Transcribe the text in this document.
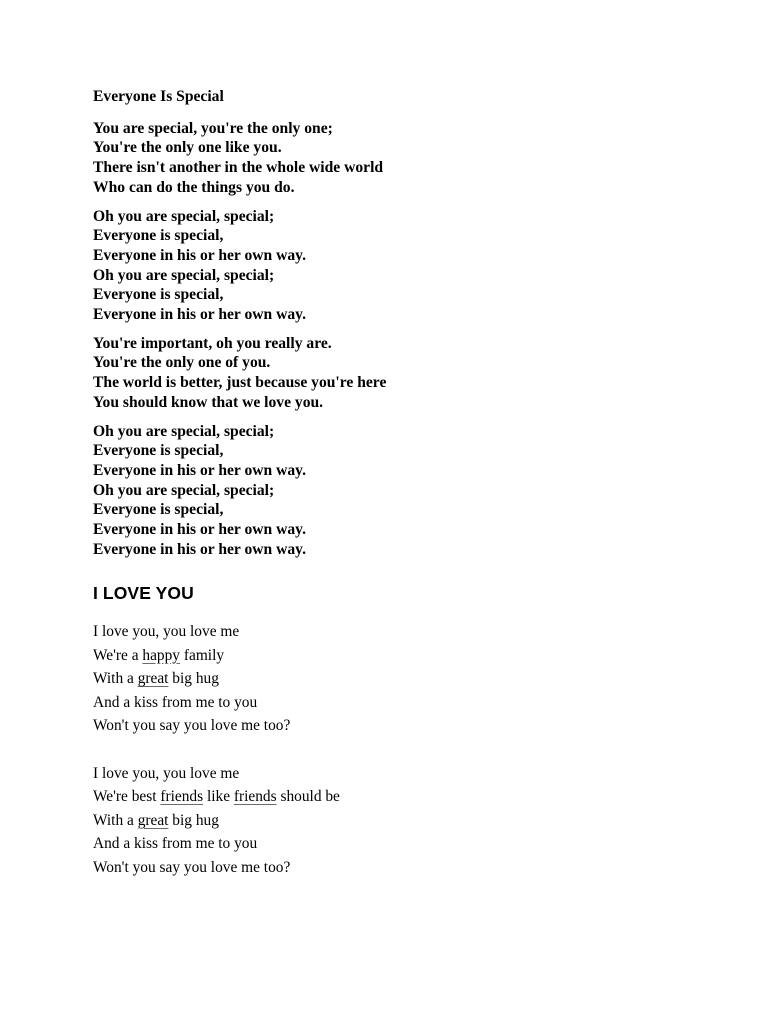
Everyone Is Special
You are special, you're the only one;
You're the only one like you.
There isn't another in the whole wide world
Who can do the things you do.
Oh you are special, special;
Everyone is special,
Everyone in his or her own way.
Oh you are special, special;
Everyone is special,
Everyone in his or her own way.
You're important, oh you really are.
You're the only one of you.
The world is better, just because you're here
You should know that we love you.
Oh you are special, special;
Everyone is special,
Everyone in his or her own way.
Oh you are special, special;
Everyone is special,
Everyone in his or her own way.
Everyone in his or her own way.
I LOVE YOU
I love you, you love me
We're a happy family
With a great big hug
And a kiss from me to you
Won't you say you love me too?
I love you, you love me
We're best friends like friends should be
With a great big hug
And a kiss from me to you
Won't you say you love me too?
